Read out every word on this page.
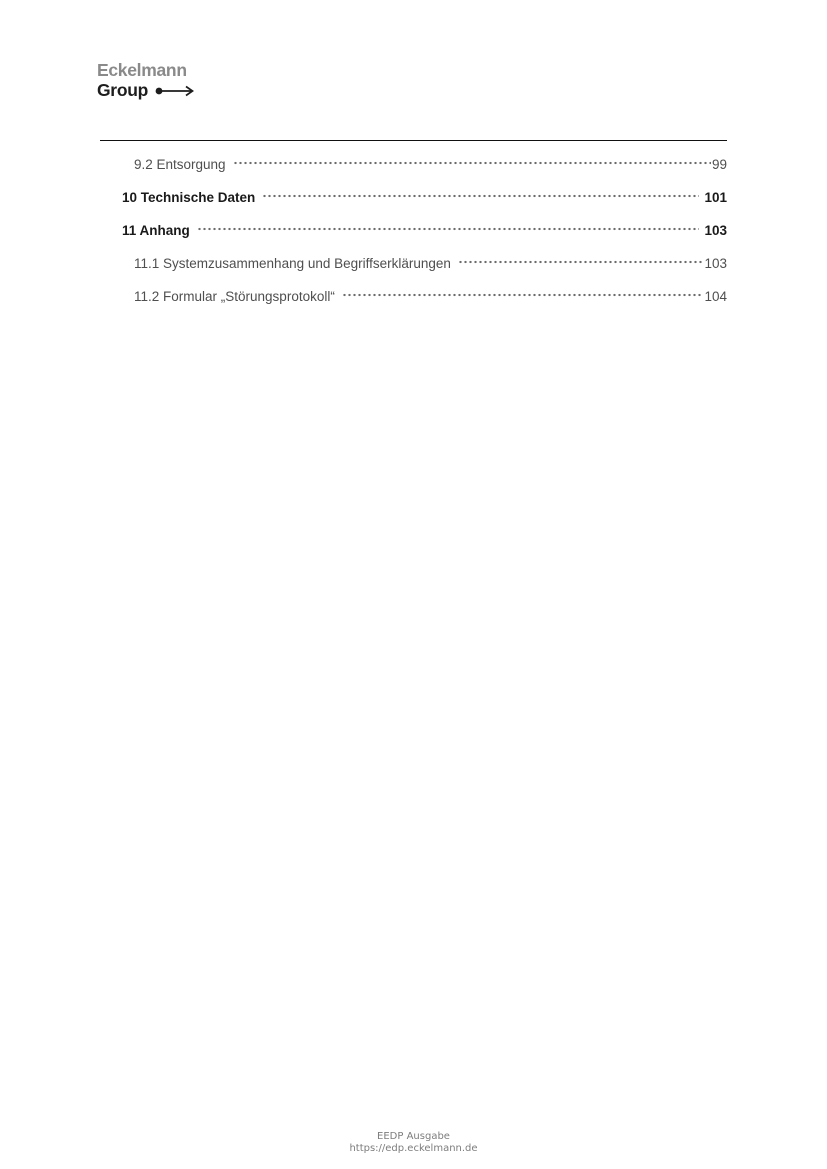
Eckelmann
Group
9.2 Entsorgung	99
10 Technische Daten	101
11 Anhang	103
11.1 Systemzusammenhang und Begriffserklärungen	103
11.2 Formular „Störungsprotokoll“	104
EEDP Ausgabe
https://edp.eckelmann.de
